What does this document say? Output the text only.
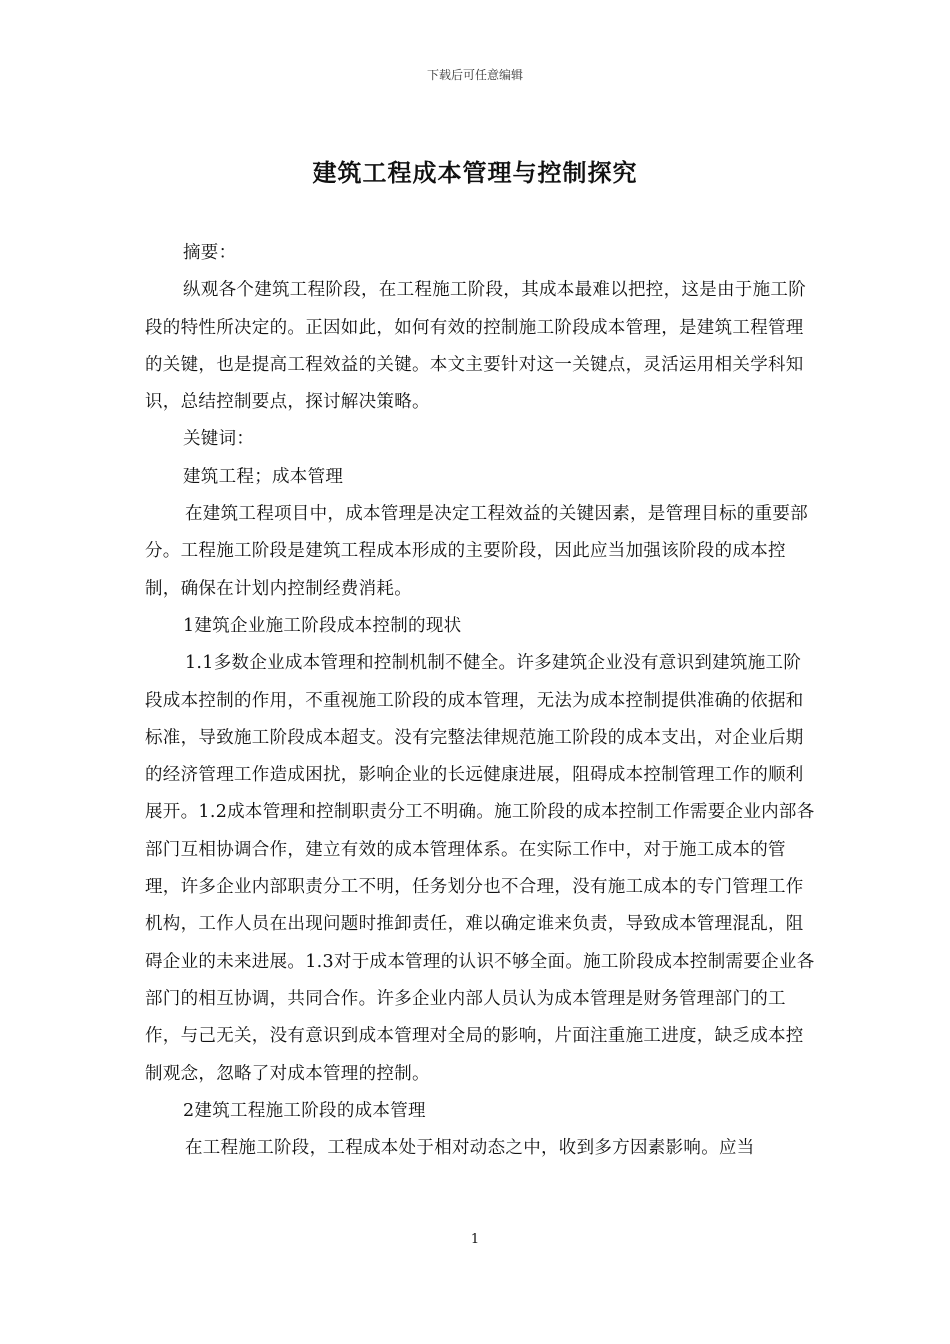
下载后可任意编辑
建筑工程成本管理与控制探究

摘要：

纵观各个建筑工程阶段，在工程施工阶段，其成本最难以把控，这是由于施工阶段的特性所决定的。正因如此，如何有效的控制施工阶段成本管理，是建筑工程管理的关键，也是提高工程效益的关键。本文主要针对这一关键点，灵活运用相关学科知识，总结控制要点，探讨解决策略。

关键词：

建筑工程；成本管理

在建筑工程项目中，成本管理是决定工程效益的关键因素，是管理目标的重要部分。工程施工阶段是建筑工程成本形成的主要阶段，因此应当加强该阶段的成本控制，确保在计划内控制经费消耗。

1建筑企业施工阶段成本控制的现状

1.1多数企业成本管理和控制机制不健全。许多建筑企业没有意识到建筑施工阶段成本控制的作用，不重视施工阶段的成本管理，无法为成本控制提供准确的依据和标准，导致施工阶段成本超支。没有完整法律规范施工阶段的成本支出，对企业后期的经济管理工作造成困扰，影响企业的长远健康进展，阻碍成本控制管理工作的顺利展开。1.2成本管理和控制职责分工不明确。施工阶段的成本控制工作需要企业内部各部门互相协调合作，建立有效的成本管理体系。在实际工作中，对于施工成本的管理，许多企业内部职责分工不明，任务划分也不合理，没有施工成本的专门管理工作机构，工作人员在出现问题时推卸责任，难以确定谁来负责，导致成本管理混乱，阻碍企业的未来进展。1.3对于成本管理的认识不够全面。施工阶段成本控制需要企业各部门的相互协调，共同合作。许多企业内部人员认为成本管理是财务管理部门的工作，与己无关，没有意识到成本管理对全局的影响，片面注重施工进度，缺乏成本控制观念，忽略了对成本管理的控制。

2建筑工程施工阶段的成本管理

在工程施工阶段，工程成本处于相对动态之中，收到多方因素影响。应当

1
